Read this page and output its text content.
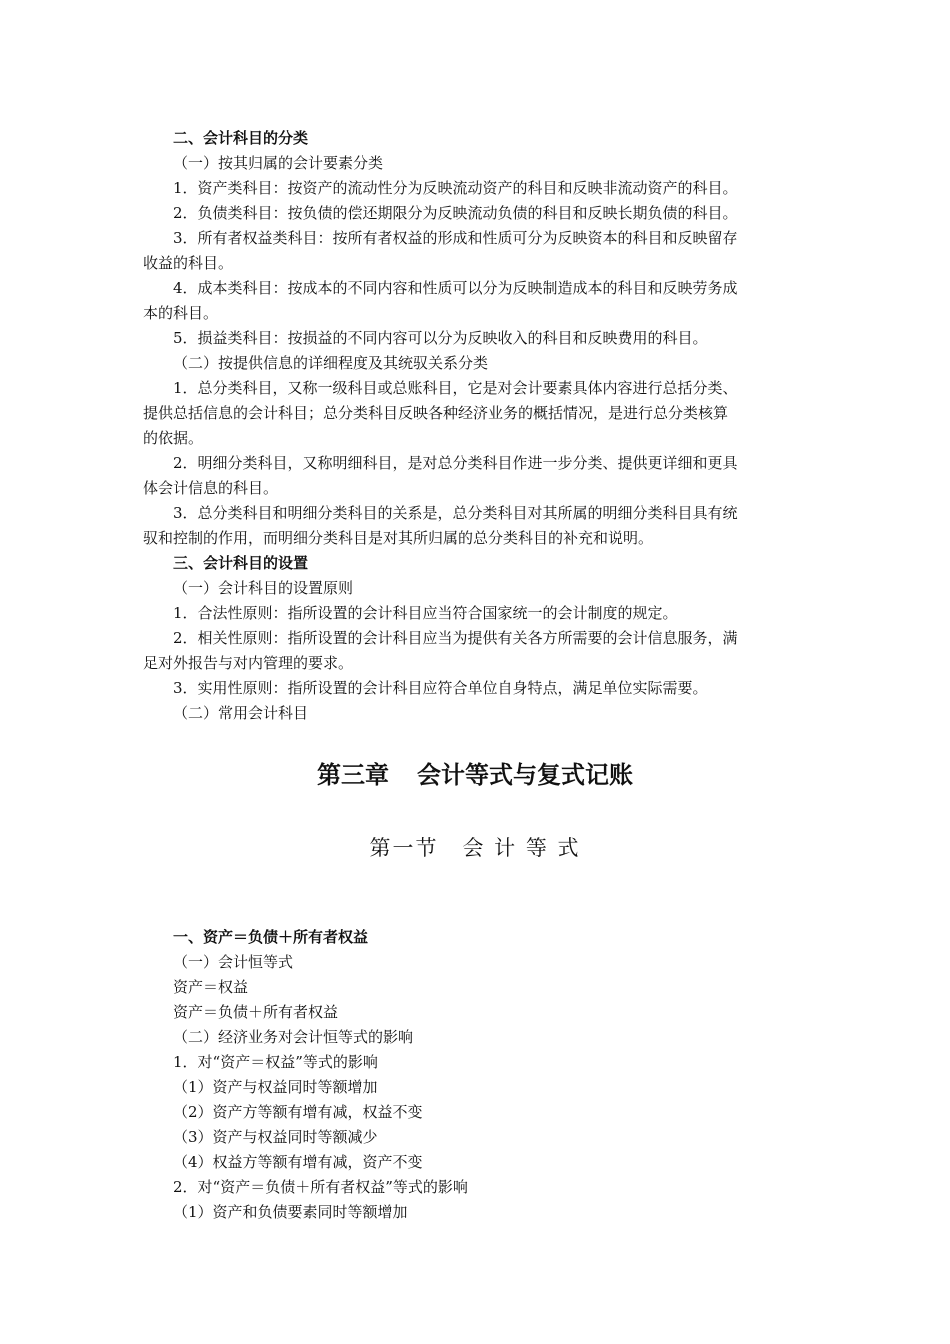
二、会计科目的分类
（一）按其归属的会计要素分类
1．资产类科目：按资产的流动性分为反映流动资产的科目和反映非流动资产的科目。
2．负债类科目：按负债的偿还期限分为反映流动负债的科目和反映长期负债的科目。
3．所有者权益类科目：按所有者权益的形成和性质可分为反映资本的科目和反映留存
收益的科目。
4．成本类科目：按成本的不同内容和性质可以分为反映制造成本的科目和反映劳务成
本的科目。
5．损益类科目：按损益的不同内容可以分为反映收入的科目和反映费用的科目。
（二）按提供信息的详细程度及其统驭关系分类
1．总分类科目，又称一级科目或总账科目，它是对会计要素具体内容进行总括分类、
提供总括信息的会计科目；总分类科目反映各种经济业务的概括情况，是进行总分类核算
的依据。
2．明细分类科目，又称明细科目，是对总分类科目作进一步分类、提供更详细和更具
体会计信息的科目。
3．总分类科目和明细分类科目的关系是，总分类科目对其所属的明细分类科目具有统
驭和控制的作用，而明细分类科目是对其所归属的总分类科目的补充和说明。
三、会计科目的设置
（一）会计科目的设置原则
1．合法性原则：指所设置的会计科目应当符合国家统一的会计制度的规定。
2．相关性原则：指所设置的会计科目应当为提供有关各方所需要的会计信息服务，满
足对外报告与对内管理的要求。
3．实用性原则：指所设置的会计科目应符合单位自身特点，满足单位实际需要。
（二）常用会计科目
第三章 会计等式与复式记账
第一节 会 计 等 式
一、资产＝负债＋所有者权益
（一）会计恒等式
资产＝权益
资产＝负债＋所有者权益
（二）经济业务对会计恒等式的影响
1．对“资产＝权益”等式的影响
（1）资产与权益同时等额增加
（2）资产方等额有增有减，权益不变
（3）资产与权益同时等额减少
（4）权益方等额有增有减，资产不变
2．对“资产＝负债＋所有者权益”等式的影响
（1）资产和负债要素同时等额增加
